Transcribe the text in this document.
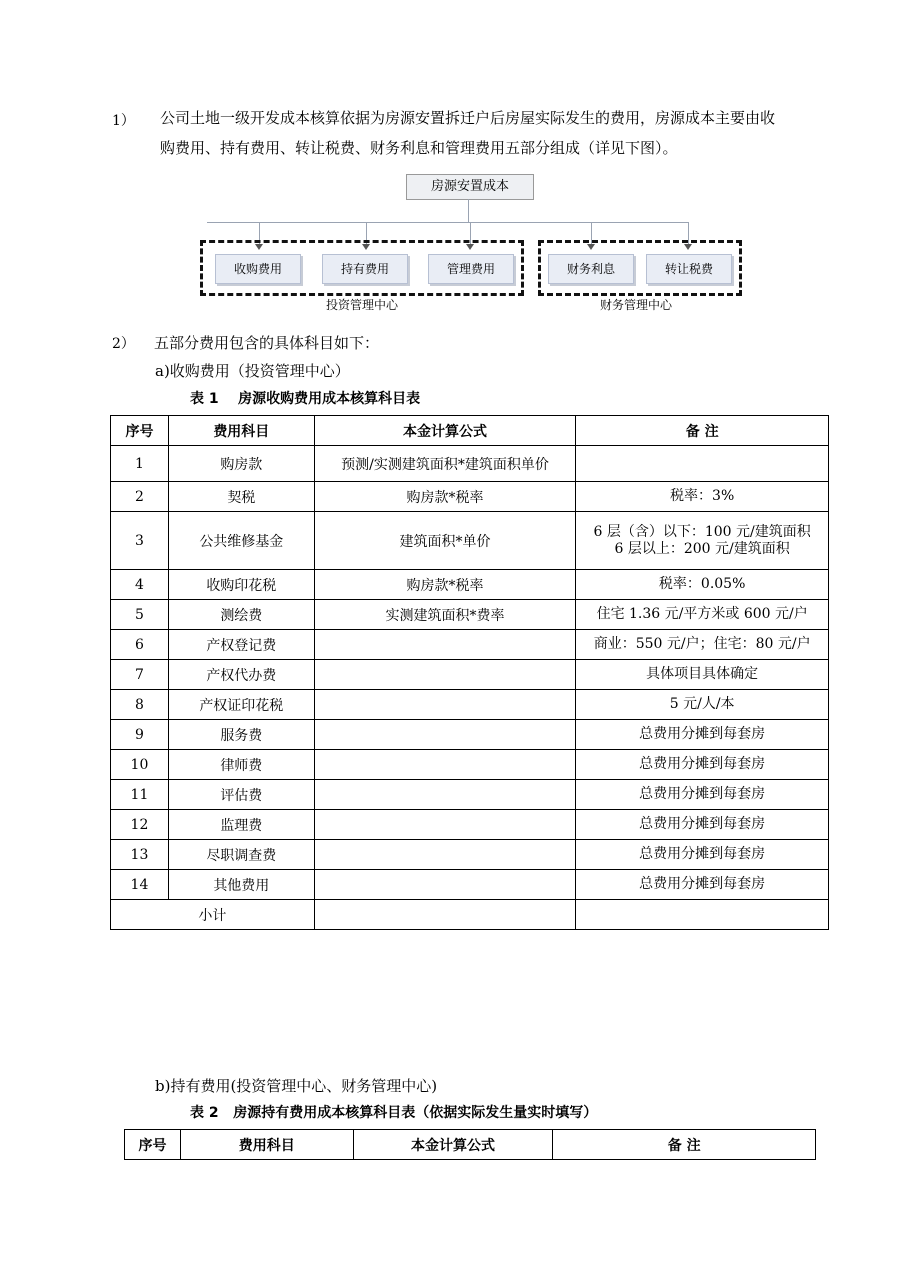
1） 公司土地一级开发成本核算依据为房源安置拆迁户后房屋实际发生的费用，房源成本主要由收
购费用、持有费用、转让税费、财务利息和管理费用五部分组成（详见下图）。
房源安置成本
收购费用	持有费用	管理费用	财务利息	转让税费
投资管理中心	财务管理中心
2） 五部分费用包含的具体科目如下：
a)收购费用（投资管理中心）
表 1    房源收购费用成本核算科目表
序号	费用科目	本金计算公式	备 注
1	购房款	预测/实测建筑面积*建筑面积单价	
2	契税	购房款*税率	税率：3%
3	公共维修基金	建筑面积*单价	6 层（含）以下：100 元/建筑面积
6 层以上：200 元/建筑面积
4	收购印花税	购房款*税率	税率：0.05%
5	测绘费	实测建筑面积*费率	住宅 1.36 元/平方米或 600 元/户
6	产权登记费		商业：550 元/户；住宅：80 元/户
7	产权代办费		具体项目具体确定
8	产权证印花税		5 元/人/本
9	服务费		总费用分摊到每套房
10	律师费		总费用分摊到每套房
11	评估费		总费用分摊到每套房
12	监理费		总费用分摊到每套房
13	尽职调查费		总费用分摊到每套房
14	其他费用		总费用分摊到每套房
小计			
b)持有费用(投资管理中心、财务管理中心)
表 2   房源持有费用成本核算科目表（依据实际发生量实时填写）
序号	费用科目	本金计算公式	备 注
